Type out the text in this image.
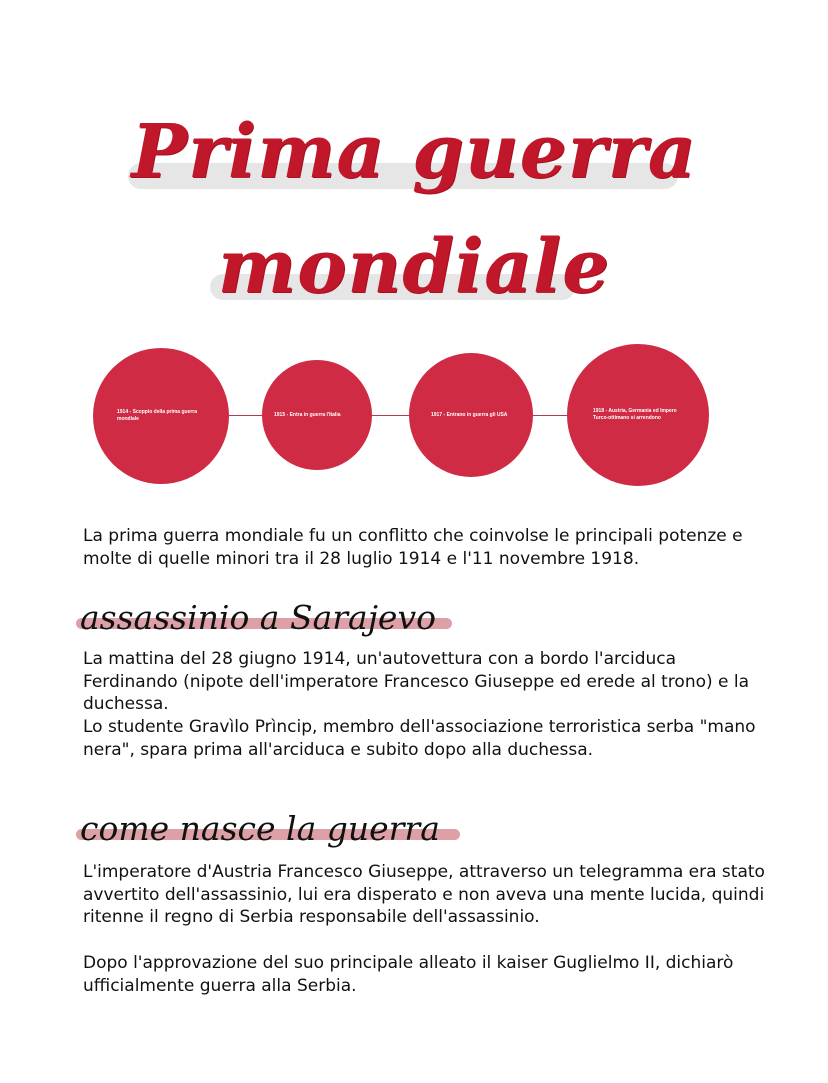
Prima guerra
mondiale
1914 - Scoppio della prima guerra mondiale
1915 - Entra in guerra l'Italia	1917 - Entrano in guerra gli USA
1918 - Austria, Germania ed Impero Turco-ottimano si arrendono

La prima guerra mondiale fu un conflitto che coinvolse le principali potenze e molte di quelle minori tra il 28 luglio 1914 e l'11 novembre 1918.

assassinio a Sarajevo

La mattina del 28 giugno 1914, un'autovettura con a bordo l'arciduca Ferdinando (nipote dell'imperatore Francesco Giuseppe ed erede al trono) e la duchessa.

Lo studente Gravìlo Prìncip, membro dell'associazione terroristica serba "mano nera", spara prima all'arciduca e subito dopo alla duchessa.

come nasce la guerra

L'imperatore d'Austria Francesco Giuseppe, attraverso un telegramma era stato avvertito dell'assassinio, lui era disperato e non aveva una mente lucida, quindi ritenne il regno di Serbia responsabile dell'assassinio.

Dopo l'approvazione del suo principale alleato il kaiser Guglielmo II, dichiarò ufficialmente guerra alla Serbia.
